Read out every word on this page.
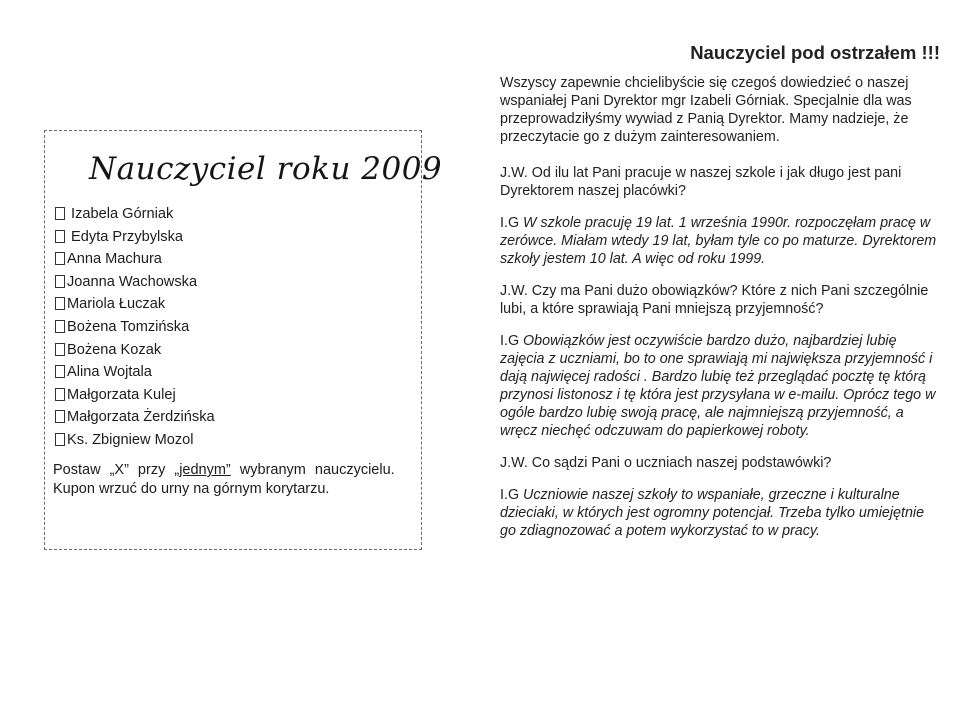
Nauczyciel roku 2009
Izabela Górniak
Edyta Przybylska
Anna Machura
Joanna Wachowska
Mariola Łuczak
Bożena Tomzińska
Bożena Kozak
Alina Wojtala
Małgorzata Kulej
Małgorzata Żerdzińska
Ks. Zbigniew Mozol
Postaw „X” przy „jednym” wybranym nauczycielu.
Kupon wrzuć do urny na górnym korytarzu.
Nauczyciel pod ostrzałem !!!

Wszyscy zapewnie chcielibyście się czegoś dowiedzieć o naszej wspaniałej Pani Dyrektor mgr Izabeli Górniak. Specjalnie dla was przeprowadziłyśmy wywiad z Panią Dyrektor. Mamy nadzieje, że przeczytacie go z dużym zainteresowaniem.

J.W. Od ilu lat Pani pracuje w naszej szkole i jak długo jest pani Dyrektorem naszej placówki?

I.G W szkole pracuję 19 lat. 1 września 1990r. rozpoczęłam pracę w zerówce. Miałam wtedy 19 lat, byłam tyle co po maturze. Dyrektorem szkoły jestem 10 lat. A więc od roku 1999.

J.W. Czy ma Pani dużo obowiązków? Które z nich Pani szczególnie lubi, a które sprawiają Pani mniejszą przyjemność?

I.G Obowiązków jest oczywiście bardzo dużo, najbardziej lubię zajęcia z uczniami, bo to one sprawiają mi największa przyjemność i dają najwięcej radości . Bardzo lubię też przeglądać pocztę tę którą przynosi listonosz i tę która jest przysyłana w e-mailu. Oprócz tego w ogóle bardzo lubię swoją pracę, ale najmniejszą przyjemność, a wręcz niechęć odczuwam do papierkowej roboty.

J.W. Co sądzi Pani o uczniach naszej podstawówki?

I.G Uczniowie naszej szkoły to wspaniałe, grzeczne i kulturalne dzieciaki, w których jest ogromny potencjał. Trzeba tylko umiejętnie go zdiagnozować a potem wykorzystać to w pracy.
